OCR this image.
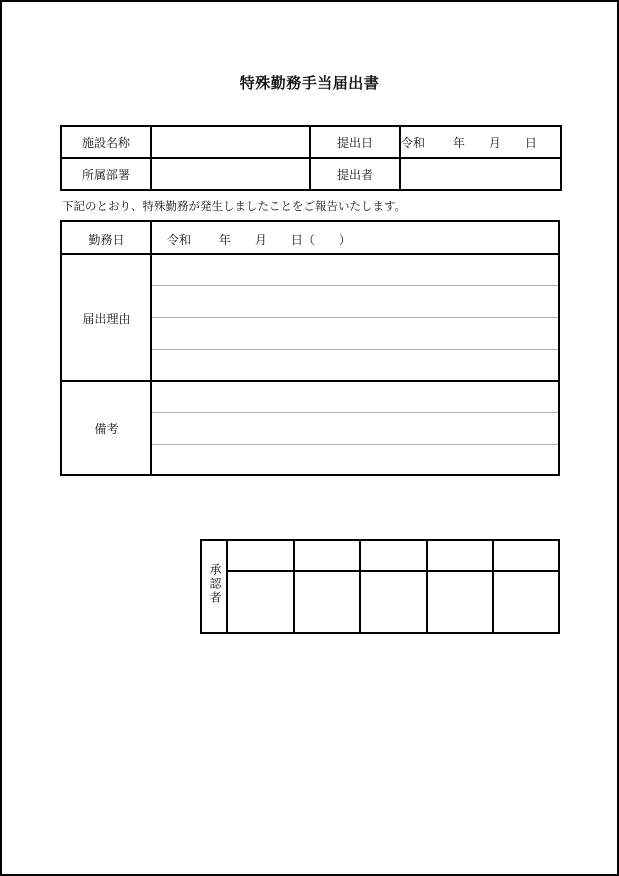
特殊勤務手当届出書
施設名称		提出日	令和　　 年　　月　　日
所属部署		提出者	
下記のとおり、特殊勤務が発生しましたことをご報告いたします。
勤務日	令和　　 年　　月　　日（　　）
届出理由
備考
承認者
